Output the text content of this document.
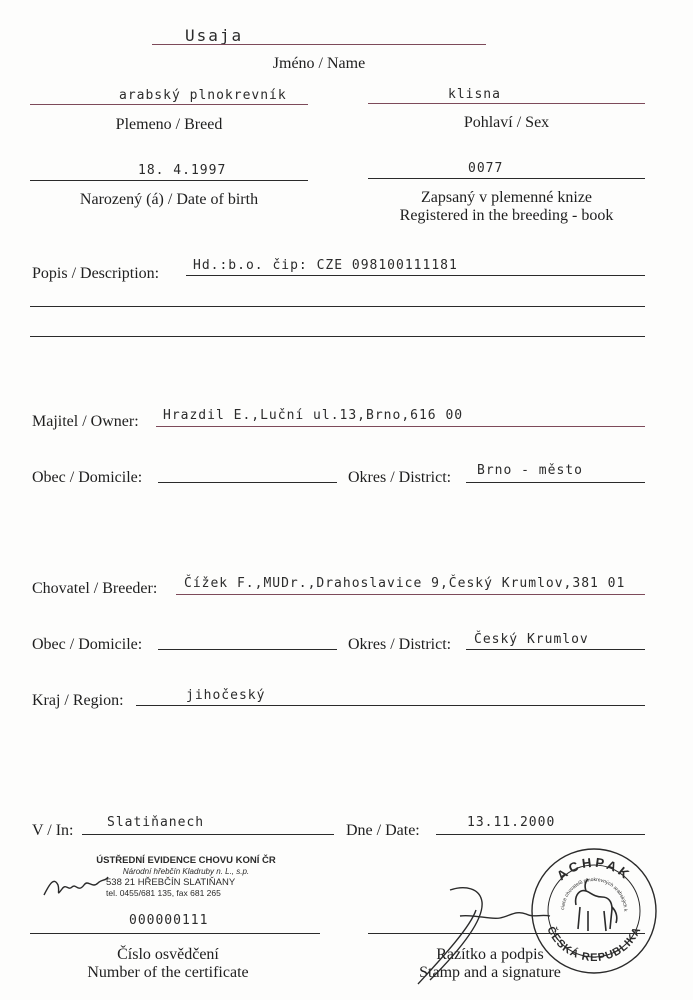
Usaja
Jméno / Name
arabský plnokrevník
Plemeno / Breed
klisna
Pohlaví / Sex
18. 4.1997
Narozený (á) / Date of birth
0077
Zapsaný v plemenné knize
Registered in the breeding - book
Popis / Description:	Hd.:b.o. čip: CZE 098100111181
Majitel / Owner: Hrazdil E.,Luční ul.13,Brno,616 00
Obec / Domicile:	Okres / District: Brno - město
Chovatel / Breeder: Čížek F.,MUDr.,Drahoslavice 9,Český Krumlov,381 01
Obec / Domicile:	Okres / District: Český Krumlov
Kraj / Region:	jihočeský
V / In:	Slatiňanech	Dne / Date:	13.11.2000
ÚSTŘEDNÍ EVIDENCE CHOVU KONÍ ČR
Národní hřebčín Kladruby n. L., s.p.
538 21 HŘEBČÍN SLATIŇANY
tel. 0455/681 135, fax 681 265
000000111
Číslo osvědčení
Number of the certificate
Razítko a podpis
Stamp and a signature
ACHPAK
ČESKÁ REPUBLIKA
ciace chovatelů plnokrevných arabských k
